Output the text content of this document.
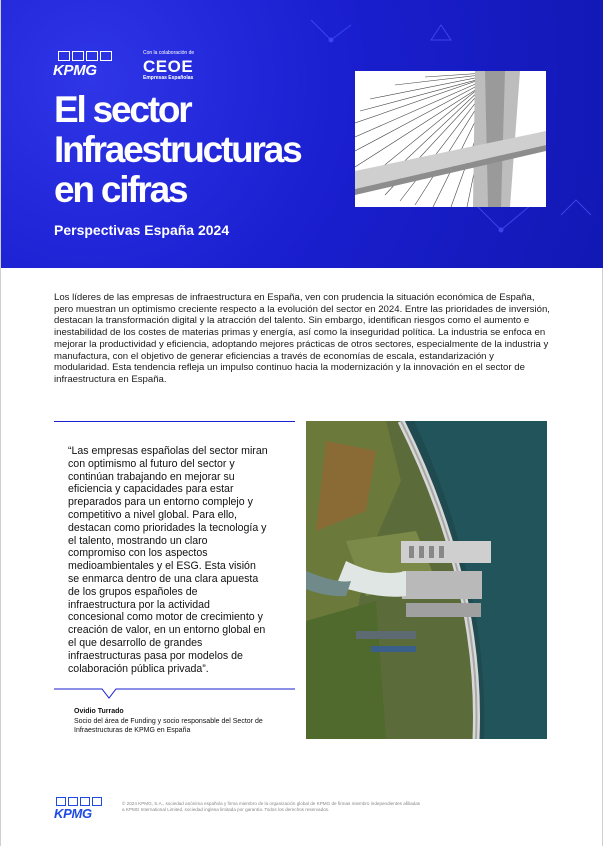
KPMG
Con la colaboración de
CEOE
Empresas Españolas
El sector
Infraestructuras
en cifras
Perspectivas España 2024

Los líderes de las empresas de infraestructura en España, ven con prudencia la situación económica de España, pero muestran un optimismo creciente respecto a la evolución del sector en 2024. Entre las prioridades de inversión, destacan la transformación digital y la atracción del talento. Sin embargo, identifican riesgos como el aumento e inestabilidad de los costes de materias primas y energía, así como la inseguridad política. La industria se enfoca en mejorar la productividad y eficiencia, adoptando mejores prácticas de otros sectores, especialmente de la industria y manufactura, con el objetivo de generar eficiencias a través de economías de escala, estandarización y modularidad. Esta tendencia refleja un impulso continuo hacia la modernización y la innovación en el sector de infraestructura en España.

“Las empresas españolas del sector miran con optimismo al futuro del sector y continúan trabajando en mejorar su eficiencia y capacidades para estar preparados para un entorno complejo y competitivo a nivel global. Para ello, destacan como prioridades la tecnología y el talento, mostrando un claro compromiso con los aspectos medioambientales y el ESG. Esta visión se enmarca dentro de una clara apuesta de los grupos españoles de infraestructura por la actividad concesional como motor de crecimiento y creación de valor, en un entorno global en el que desarrollo de grandes infraestructuras pasa por modelos de colaboración pública privada”.
Ovidio Turrado
Socio del área de Funding y socio responsable del Sector de Infraestructuras de KPMG en España
KPMG
© 2024 KPMG, S.A., sociedad anónima española y firma miembro de la organización global de KPMG de firmas miembro independientes afiliadas a KPMG International Limited, sociedad inglesa limitada por garantía. Todos los derechos reservados.
